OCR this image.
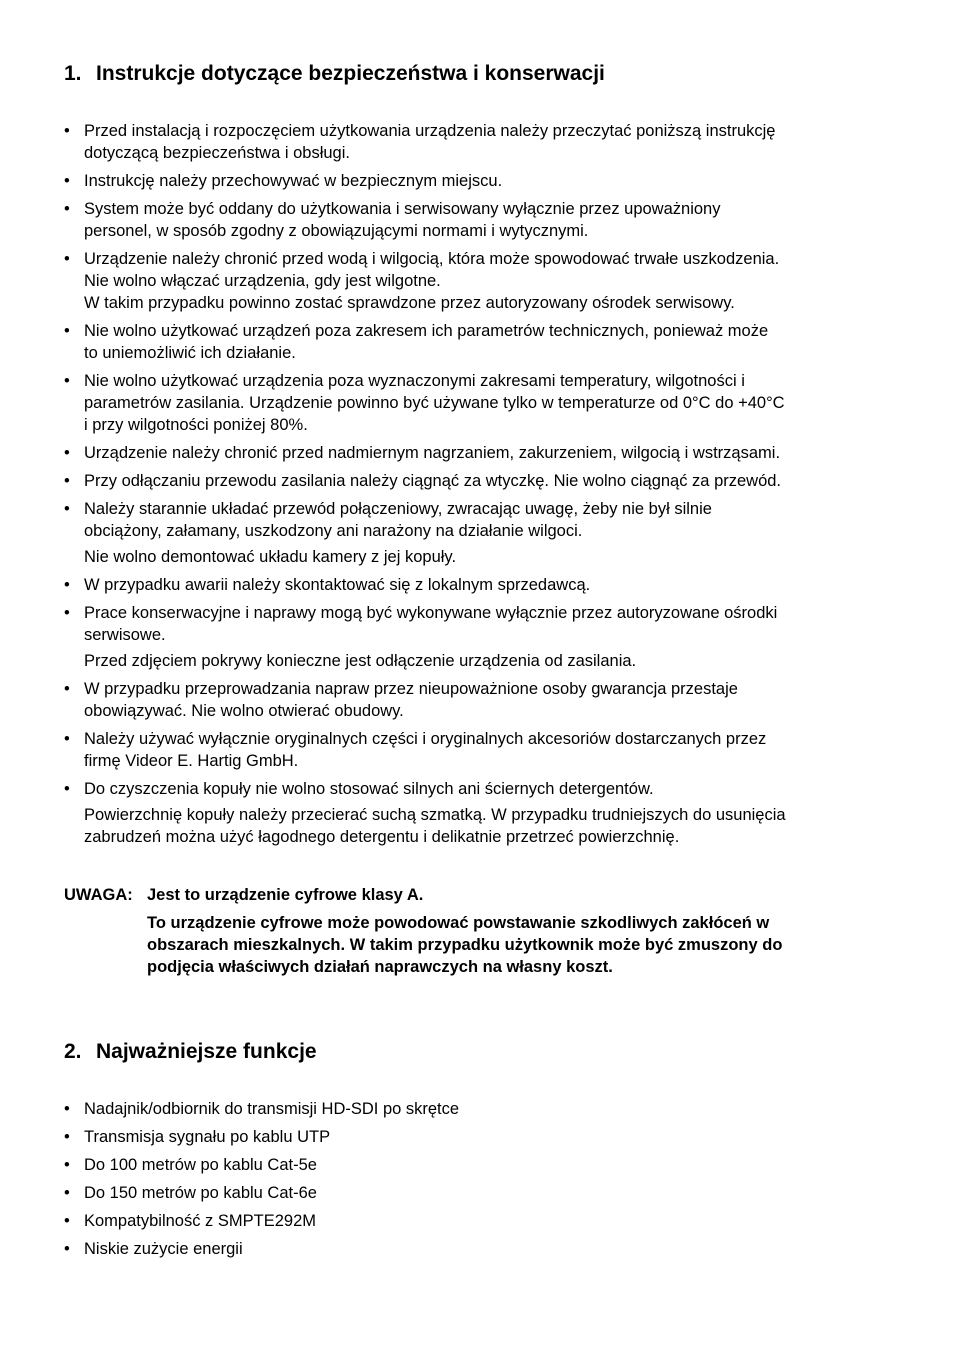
1. Instrukcje dotyczące bezpieczeństwa i konserwacji
• Przed instalacją i rozpoczęciem użytkowania urządzenia należy przeczytać poniższą instrukcję
dotyczącą bezpieczeństwa i obsługi.
• Instrukcję należy przechowywać w bezpiecznym miejscu.
• System może być oddany do użytkowania i serwisowany wyłącznie przez upoważniony
personel, w sposób zgodny z obowiązującymi normami i wytycznymi.
• Urządzenie należy chronić przed wodą i wilgocią, która może spowodować trwałe uszkodzenia.
Nie wolno włączać urządzenia, gdy jest wilgotne.
W takim przypadku powinno zostać sprawdzone przez autoryzowany ośrodek serwisowy.
• Nie wolno użytkować urządzeń poza zakresem ich parametrów technicznych, ponieważ może
to uniemożliwić ich działanie.
• Nie wolno użytkować urządzenia poza wyznaczonymi zakresami temperatury, wilgotności i
parametrów zasilania. Urządzenie powinno być używane tylko w temperaturze od 0°C do +40°C
i przy wilgotności poniżej 80%.
• Urządzenie należy chronić przed nadmiernym nagrzaniem, zakurzeniem, wilgocią i wstrząsami.
• Przy odłączaniu przewodu zasilania należy ciągnąć za wtyczkę. Nie wolno ciągnąć za przewód.
• Należy starannie układać przewód połączeniowy, zwracając uwagę, żeby nie był silnie
obciążony, załamany, uszkodzony ani narażony na działanie wilgoci.
Nie wolno demontować układu kamery z jej kopuły.
• W przypadku awarii należy skontaktować się z lokalnym sprzedawcą.
• Prace konserwacyjne i naprawy mogą być wykonywane wyłącznie przez autoryzowane ośrodki
serwisowe.
Przed zdjęciem pokrywy konieczne jest odłączenie urządzenia od zasilania.
• W przypadku przeprowadzania napraw przez nieupoważnione osoby gwarancja przestaje
obowiązywać. Nie wolno otwierać obudowy.
• Należy używać wyłącznie oryginalnych części i oryginalnych akcesoriów dostarczanych przez
firmę Videor E. Hartig GmbH.
• Do czyszczenia kopuły nie wolno stosować silnych ani ściernych detergentów.
Powierzchnię kopuły należy przecierać suchą szmatką. W przypadku trudniejszych do usunięcia
zabrudzeń można użyć łagodnego detergentu i delikatnie przetrzeć powierzchnię.
UWAGA: Jest to urządzenie cyfrowe klasy A.
To urządzenie cyfrowe może powodować powstawanie szkodliwych zakłóceń w
obszarach mieszkalnych. W takim przypadku użytkownik może być zmuszony do
podjęcia właściwych działań naprawczych na własny koszt.
2. Najważniejsze funkcje
• Nadajnik/odbiornik do transmisji HD-SDI po skrętce
• Transmisja sygnału po kablu UTP
• Do 100 metrów po kablu Cat-5e
• Do 150 metrów po kablu Cat-6e
• Kompatybilność z SMPTE292M
• Niskie zużycie energii
